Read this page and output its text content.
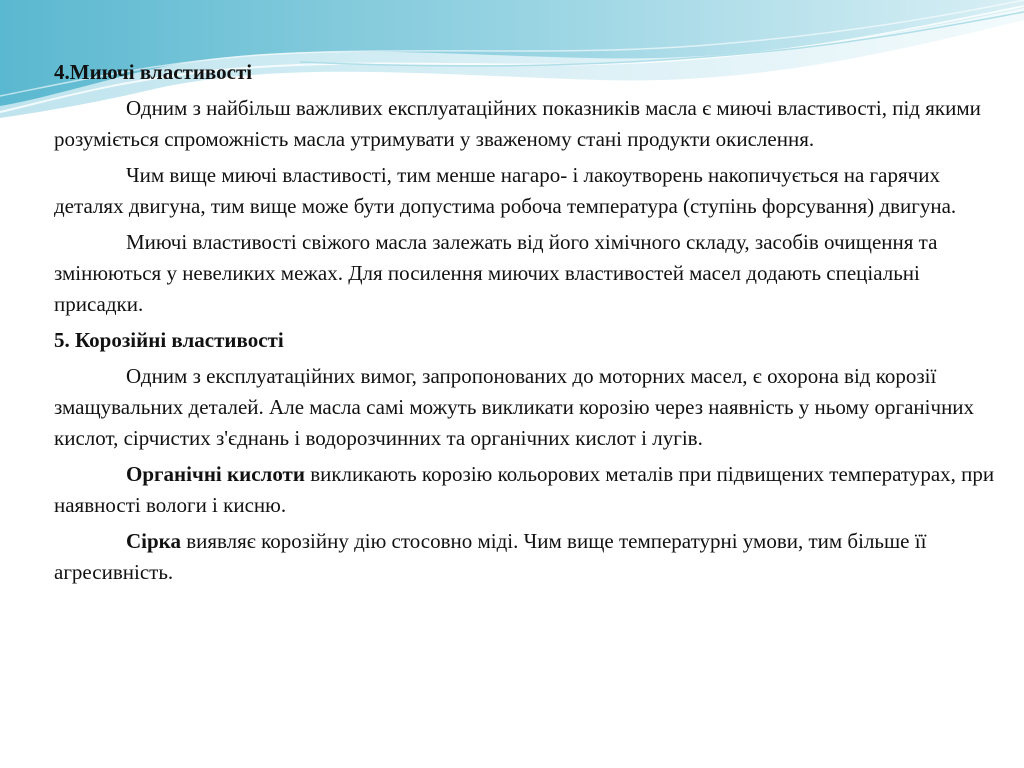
4.Миючі властивості

Одним з найбільш важливих експлуатаційних показників масла є миючі властивості, під якими розуміється спроможність масла утримувати у зваженому стані продукти окислення.

Чим вище миючі властивості, тим менше нагаро- і лакоутворень накопичується на гарячих деталях двигуна, тим вище може бути допустима робоча температура (ступінь форсування) двигуна.

Миючі властивості свіжого масла залежать від його хімічного складу, засобів очищення та змінюються у невеликих межах. Для посилення миючих властивостей масел додають спеціальні присадки.

5. Корозійні властивості

Одним з експлуатаційних вимог, запропонованих до моторних масел, є охорона від корозії змащувальних деталей. Але масла самі можуть викликати корозію через наявність у ньому органічних кислот, сірчистих з'єднань і водорозчинних та органічних кислот і лугів.

Органічні кислоти викликають корозію кольорових металів при підвищених температурах, при наявності вологи і кисню.

Сірка виявляє корозійну дію стосовно міді. Чим вище температурні умови, тим більше її агресивність.
